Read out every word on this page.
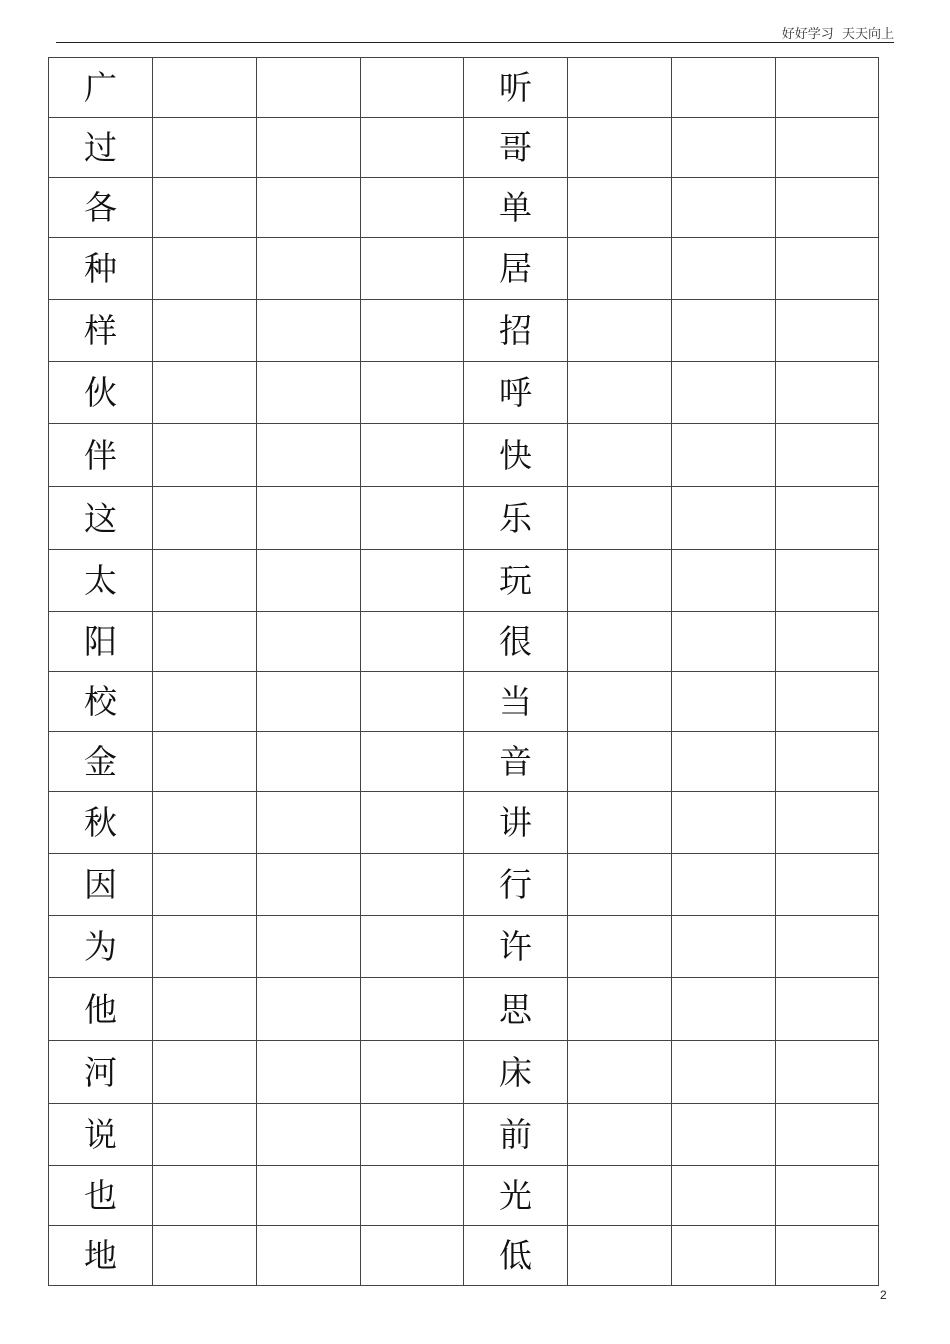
好好学习  天天向上
广				听			
过				哥			
各				单			
种				居			
样				招			
伙				呼			
伴				快			
这				乐			
太				玩			
阳				很			
校				当			
金				音			
秋				讲			
因				行			
为				许			
他				思			
河				床			
说				前			
也				光			
地				低			
2
